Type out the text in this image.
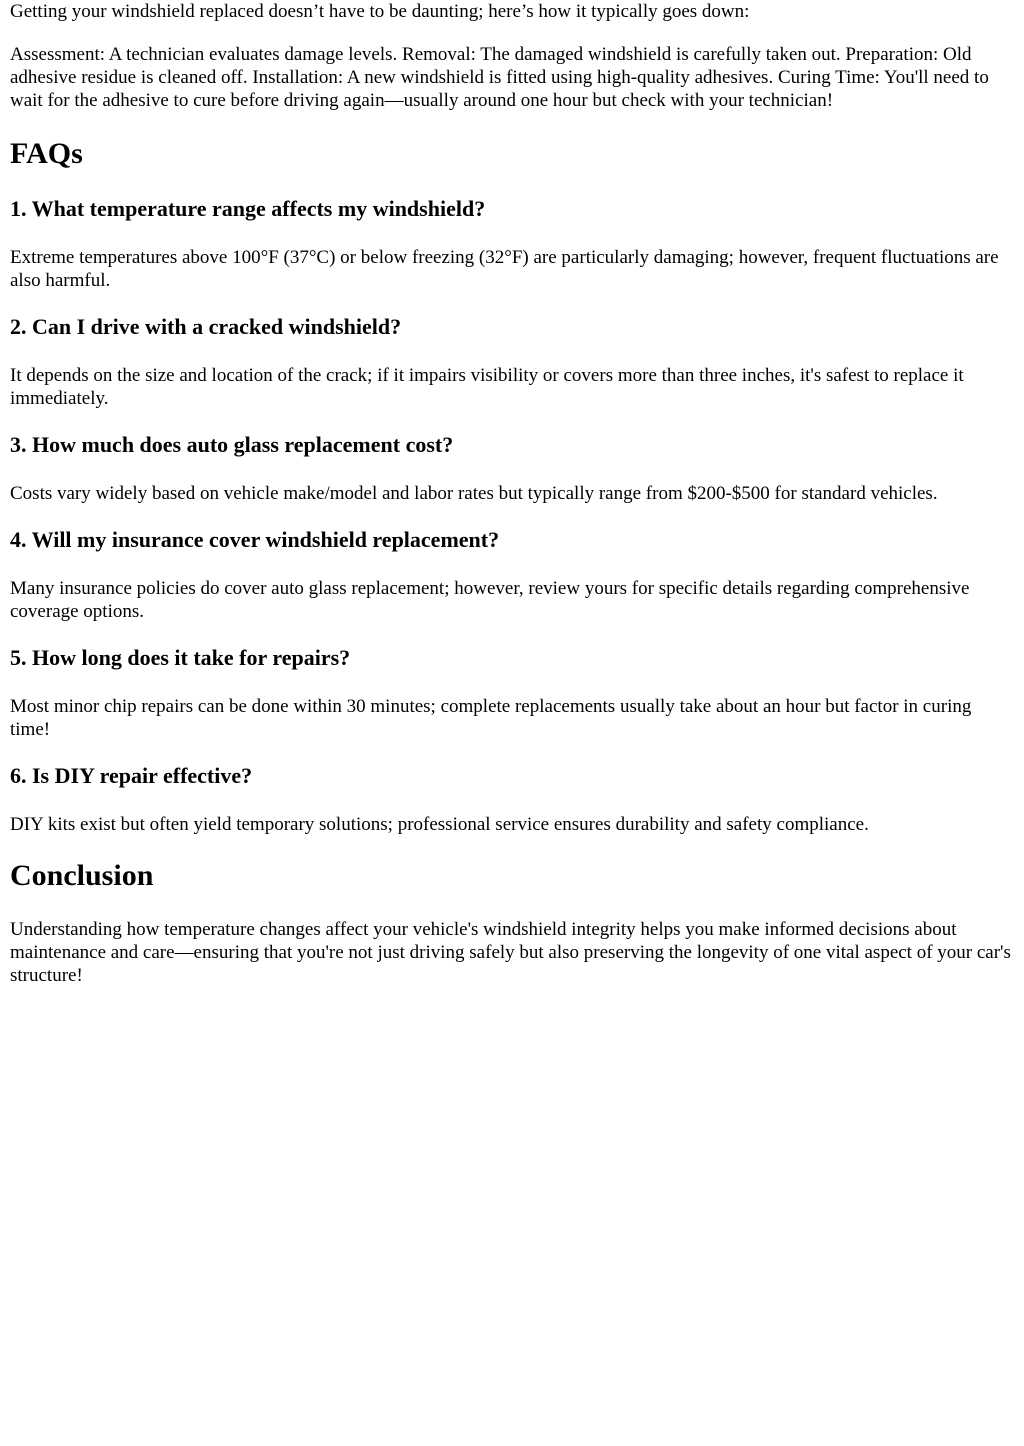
Getting your windshield replaced doesn’t have to be daunting; here’s how it typically goes down:

Assessment: A technician evaluates damage levels. Removal: The damaged windshield is carefully taken out. Preparation: Old adhesive residue is cleaned off. Installation: A new windshield is fitted using high-quality adhesives. Curing Time: You'll need to wait for the adhesive to cure before driving again—usually around one hour but check with your technician!

FAQs
1. What temperature range affects my windshield?

Extreme temperatures above 100°F (37°C) or below freezing (32°F) are particularly damaging; however, frequent fluctuations are also harmful.

2. Can I drive with a cracked windshield?

It depends on the size and location of the crack; if it impairs visibility or covers more than three inches, it's safest to replace it immediately.

3. How much does auto glass replacement cost?

Costs vary widely based on vehicle make/model and labor rates but typically range from $200-$500 for standard vehicles.

4. Will my insurance cover windshield replacement?

Many insurance policies do cover auto glass replacement; however, review yours for specific details regarding comprehensive coverage options.

5. How long does it take for repairs?

Most minor chip repairs can be done within 30 minutes; complete replacements usually take about an hour but factor in curing time!

6. Is DIY repair effective?

DIY kits exist but often yield temporary solutions; professional service ensures durability and safety compliance.

Conclusion

Understanding how temperature changes affect your vehicle's windshield integrity helps you make informed decisions about maintenance and care—ensuring that you're not just driving safely but also preserving the longevity of one vital aspect of your car's structure!
